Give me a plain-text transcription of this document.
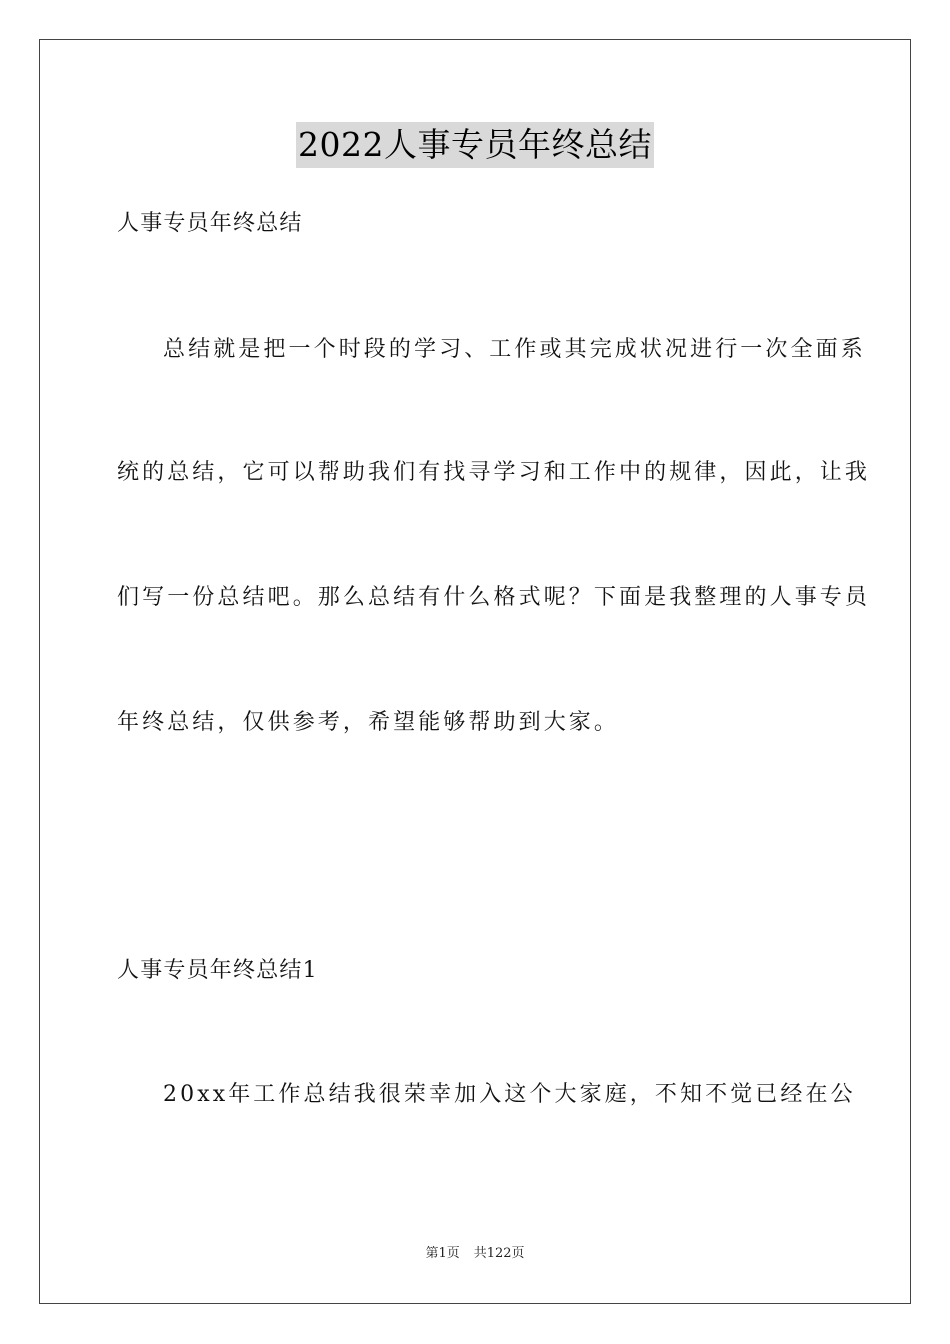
2022人事专员年终总结
人事专员年终总结
总结就是把一个时段的学习、工作或其完成状况进行一次全面系
统的总结，它可以帮助我们有找寻学习和工作中的规律，因此，让我
们写一份总结吧。那么总结有什么格式呢？下面是我整理的人事专员
年终总结，仅供参考，希望能够帮助到大家。
人事专员年终总结1
20xx年工作总结我很荣幸加入这个大家庭，不知不觉已经在公
第1页 共122页
